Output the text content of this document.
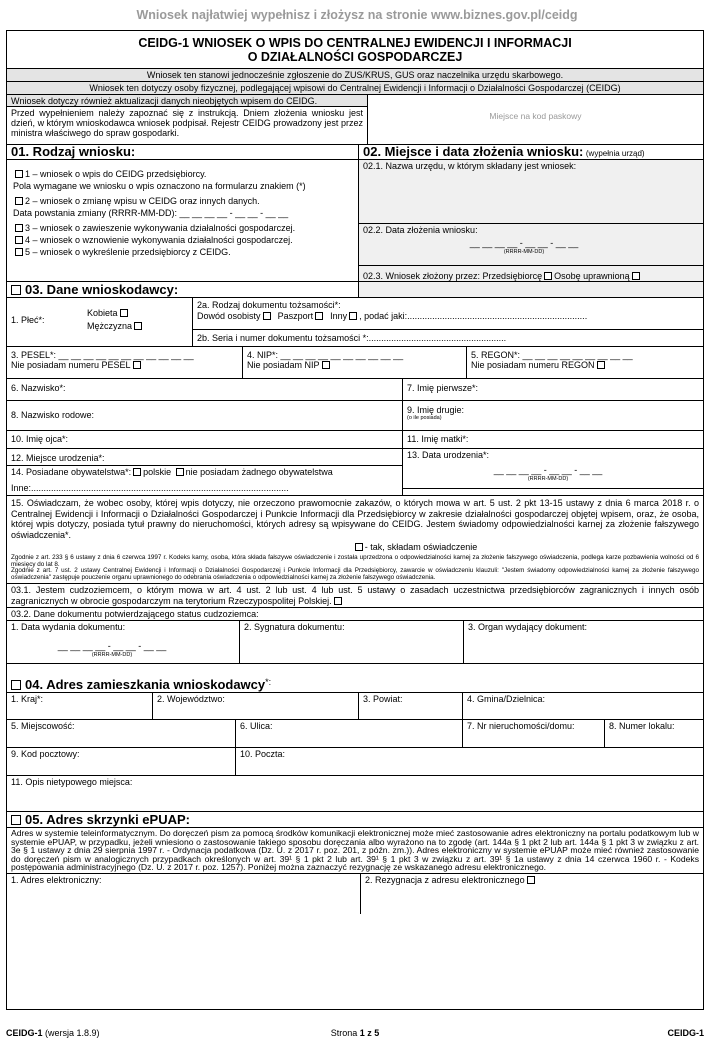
Wniosek najłatwiej wypełnisz i złożysz na stronie www.biznes.gov.pl/ceidg
CEIDG-1 WNIOSEK O WPIS DO CENTRALNEJ EWIDENCJI I INFORMACJI
O DZIAŁALNOŚCI GOSPODARCZEJ
Wniosek ten stanowi jednocześnie zgłoszenie do ZUS/KRUS, GUS oraz naczelnika urzędu skarbowego.
Wniosek ten dotyczy osoby fizycznej, podlegającej wpisowi do Centralnej Ewidencji i Informacji o Działalności Gospodarczej (CEIDG)
Wniosek dotyczy również aktualizacji danych nieobjętych wpisem do CEIDG.
Przed wypełnieniem należy zapoznać się z instrukcją. Dniem złożenia wniosku jest dzień, w którym wnioskodawca wniosek podpisał. Rejestr CEIDG prowadzony jest przez ministra właściwego do spraw gospodarki.
Miejsce na kod paskowy
01. Rodzaj wniosku:
1 – wniosek o wpis do CEIDG przedsiębiorcy.
Pola wymagane we wniosku o wpis oznaczono na formularzu znakiem (*)
2 – wniosek o zmianę wpisu w CEIDG oraz innych danych.
Data powstania zmiany (RRRR-MM-DD): __ __ __ __ - __ __ - __ __
3 – wniosek o zawieszenie wykonywania działalności gospodarczej.
4 – wniosek o wznowienie wykonywania działalności gospodarczej.
5 – wniosek o wykreślenie przedsiębiorcy z CEIDG.
02. Miejsce i data złożenia wniosku: (wypełnia urząd)
02.1. Nazwa urzędu, w którym składany jest wniosek:
02.2. Data złożenia wniosku:
__ __ __ __ - __ __ - __ __
(RRRR-MM-DD)
02.3. Wniosek złożony przez: Przedsiębiorcę Osobę uprawnioną
03. Dane wnioskodawcy:
1. Płeć*:
Kobieta
Mężczyzna
2a. Rodzaj dokumentu tożsamości*:
Dowód osobisty Paszport Inny , podać jaki:........................................................................
2b. Seria i numer dokumentu tożsamości *:.......................................................
3. PESEL*: __ __ __ __ __ __ __ __ __ __ __
Nie posiadam numeru PESEL
4. NIP*: __ __ __ __ __ __ __ __ __ __
Nie posiadam NIP
5. REGON*: __ __ __ __ __ __ __ __ __
Nie posiadam numeru REGON
6. Nazwisko*:	7. Imię pierwsze*:
8. Nazwisko rodowe:	9. Imię drugie:
(o ile posiada)
10. Imię ojca*:	11. Imię matki*:
12. Miejsce urodzenia*:	13. Data urodzenia*:
__ __ __ __ - __ __ - __ __
(RRRR-MM-DD)
14. Posiadane obywatelstwa*: polskie nie posiadam żadnego obywatelstwa
Inne:.......................................................................................................
15. Oświadczam, że wobec osoby, której wpis dotyczy, nie orzeczono prawomocnie zakazów, o których mowa w art. 5 ust. 2 pkt 13-15 ustawy z dnia 6 marca 2018 r. o Centralnej Ewidencji i Informacji o Działalności Gospodarczej i Punkcie Informacji dla Przedsiębiorcy w zakresie działalności gospodarczej objętej wpisem, oraz, że osoba, której wpis dotyczy, posiada tytuł prawny do nieruchomości, których adresy są wpisywane do CEIDG. Jestem świadomy odpowiedzialności karnej za złożenie fałszywego oświadczenia*.
- tak, składam oświadczenie
Zgodnie z art. 233 § 6 ustawy z dnia 6 czerwca 1997 r. Kodeks karny, osoba, która składa fałszywe oświadczenie i została uprzedzona o odpowiedzialności karnej za złożenie fałszywego oświadczenia, podlega karze pozbawienia wolności od 6 miesięcy do lat 8.
Zgodnie z art. 7 ust. 2 ustawy Centralnej Ewidencji i Informacji o Działalności Gospodarczej i Punkcie Informacji dla Przedsiębiorcy, zawarcie w oświadczeniu klauzuli: "Jestem świadomy odpowiedzialności karnej za złożenie fałszywego oświadczenia" zastępuje pouczenie organu uprawnionego do odebrania oświadczenia o odpowiedzialności karnej za złożenie fałszywego oświadczenia.
03.1. Jestem cudzoziemcem, o którym mowa w art. 4 ust. 2 lub ust. 4 lub ust. 5 ustawy o zasadach uczestnictwa przedsiębiorców zagranicznych i innych osób zagranicznych w obrocie gospodarczym na terytorium Rzeczypospolitej Polskiej.
03.2. Dane dokumentu potwierdzającego status cudzoziemca:
1. Data wydania dokumentu:
__ __ __ __ - __ __ - __ __
(RRRR-MM-DD)
2. Sygnatura dokumentu:	3. Organ wydający dokument:
04. Adres zamieszkania wnioskodawcy*:
1. Kraj*:	2. Województwo:	3. Powiat:	4. Gmina/Dzielnica:
5. Miejscowość:	6. Ulica:	7. Nr nieruchomości/domu:	8. Numer lokalu:
9. Kod pocztowy:	10. Poczta:
11. Opis nietypowego miejsca:
05. Adres skrzynki ePUAP:
Adres w systemie teleinformatycznym. Do doręczeń pism za pomocą środków komunikacji elektronicznej może mieć zastosowanie adres elektroniczny na portalu podatkowym lub w systemie ePUAP, w przypadku, jeżeli wniesiono o zastosowanie takiego sposobu doręczania albo wyrażono na to zgodę (art. 144a § 1 pkt 2 lub art. 144a § 1 pkt 3 w związku z art. 3e § 1 ustawy z dnia 29 sierpnia 1997 r. - Ordynacja podatkowa (Dz. U. z 2017 r. poz. 201, z późn. zm.)). Adres elektroniczny w systemie ePUAP może mieć również zastosowanie do doręczeń pism w analogicznych przypadkach określonych w art. 39¹ § 1 pkt 2 lub art. 39¹ § 1 pkt 3 w związku z art. 39¹ § 1a ustawy z dnia 14 czerwca 1960 r. - Kodeks postępowania administracyjnego (Dz. U. z 2017 r. poz. 1257). Poniżej można zaznaczyć rezygnację ze wskazanego adresu elektronicznego.
1. Adres elektroniczny:	2. Rezygnacja z adresu elektronicznego
CEIDG-1 (wersja 1.8.9)	Strona 1 z 5	CEIDG-1
